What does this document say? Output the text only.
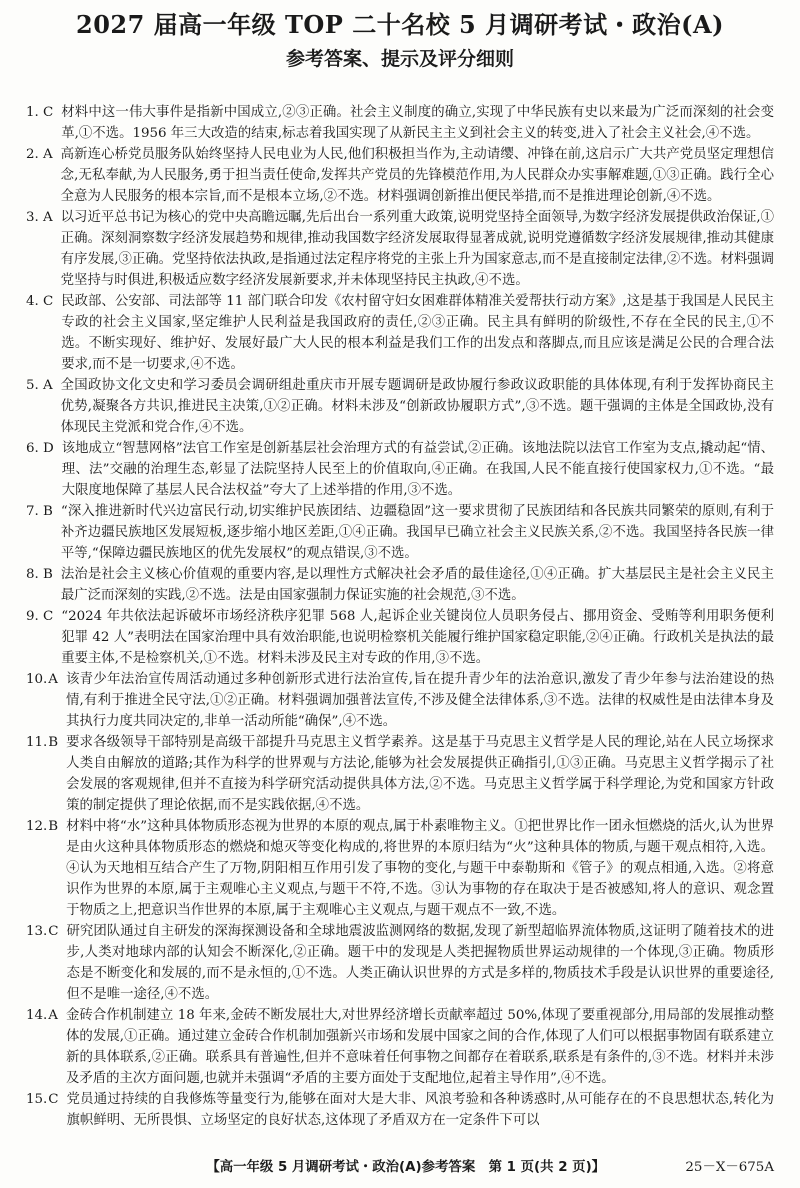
2027 届高一年级 TOP 二十名校 5 月调研考试・政治(A)
参考答案、提示及评分细则
1. C 材料中这一伟大事件是指新中国成立,②③正确。社会主义制度的确立,实现了中华民族有史以来最为广泛而深刻的社会变革,①不选。1956 年三大改造的结束,标志着我国实现了从新民主主义到社会主义的转变,进入了社会主义社会,④不选。
2. A 高新连心桥党员服务队始终坚持人民电业为人民,他们积极担当作为,主动请缨、冲锋在前,这启示广大共产党员坚定理想信念,无私奉献,为人民服务,勇于担当责任使命,发挥共产党员的先锋模范作用,为人民群众办实事解难题,①③正确。践行全心全意为人民服务的根本宗旨,而不是根本立场,②不选。材料强调创新推出便民举措,而不是推进理论创新,④不选。
3. A 以习近平总书记为核心的党中央高瞻远瞩,先后出台一系列重大政策,说明党坚持全面领导,为数字经济发展提供政治保证,①正确。深刻洞察数字经济发展趋势和规律,推动我国数字经济发展取得显著成就,说明党遵循数字经济发展规律,推动其健康有序发展,③正确。党坚持依法执政,是指通过法定程序将党的主张上升为国家意志,而不是直接制定法律,②不选。材料强调党坚持与时俱进,积极适应数字经济发展新要求,并未体现坚持民主执政,④不选。
4. C 民政部、公安部、司法部等 11 部门联合印发《农村留守妇女困难群体精准关爱帮扶行动方案》,这是基于我国是人民民主专政的社会主义国家,坚定维护人民利益是我国政府的责任,②③正确。民主具有鲜明的阶级性,不存在全民的民主,①不选。不断实现好、维护好、发展好最广大人民的根本利益是我们工作的出发点和落脚点,而且应该是满足公民的合理合法要求,而不是一切要求,④不选。
5. A 全国政协文化文史和学习委员会调研组赴重庆市开展专题调研是政协履行参政议政职能的具体体现,有利于发挥协商民主优势,凝聚各方共识,推进民主决策,①②正确。材料未涉及“创新政协履职方式”,③不选。题干强调的主体是全国政协,没有体现民主党派和党合作,④不选。
6. D 该地成立“智慧网格”法官工作室是创新基层社会治理方式的有益尝试,②正确。该地法院以法官工作室为支点,撬动起“情、理、法”交融的治理生态,彰显了法院坚持人民至上的价值取向,④正确。在我国,人民不能直接行使国家权力,①不选。“最大限度地保障了基层人民合法权益”夸大了上述举措的作用,③不选。
7. B “深入推进新时代兴边富民行动,切实维护民族团结、边疆稳固”这一要求贯彻了民族团结和各民族共同繁荣的原则,有利于补齐边疆民族地区发展短板,逐步缩小地区差距,①④正确。我国早已确立社会主义民族关系,②不选。我国坚持各民族一律平等,“保障边疆民族地区的优先发展权”的观点错误,③不选。
8. B 法治是社会主义核心价值观的重要内容,是以理性方式解决社会矛盾的最佳途径,①④正确。扩大基层民主是社会主义民主最广泛而深刻的实践,②不选。法是由国家强制力保证实施的社会规范,③不选。
9. C “2024 年共依法起诉破坏市场经济秩序犯罪 568 人,起诉企业关键岗位人员职务侵占、挪用资金、受贿等利用职务便利犯罪 42 人”表明法在国家治理中具有效治职能,也说明检察机关能履行维护国家稳定职能,②④正确。行政机关是执法的最重要主体,不是检察机关,①不选。材料未涉及民主对专政的作用,③不选。
10.A 该青少年法治宣传周活动通过多种创新形式进行法治宣传,旨在提升青少年的法治意识,激发了青少年参与法治建设的热情,有利于推进全民守法,①②正确。材料强调加强普法宣传,不涉及健全法律体系,③不选。法律的权威性是由法律本身及其执行力度共同决定的,非单一活动所能“确保”,④不选。
11.B 要求各级领导干部特别是高级干部提升马克思主义哲学素养。这是基于马克思主义哲学是人民的理论,站在人民立场探求人类自由解放的道路;其作为科学的世界观与方法论,能够为社会发展提供正确指引,①③正确。马克思主义哲学揭示了社会发展的客观规律,但并不直接为科学研究活动提供具体方法,②不选。马克思主义哲学属于科学理论,为党和国家方针政策的制定提供了理论依据,而不是实践依据,④不选。
12.B 材料中将“水”这种具体物质形态视为世界的本原的观点,属于朴素唯物主义。①把世界比作一团永恒燃烧的活火,认为世界是由火这种具体物质形态的燃烧和熄灭等变化构成的,将世界的本原归结为“火”这种具体的物质,与题干观点相符,入选。④认为天地相互结合产生了万物,阴阳相互作用引发了事物的变化,与题干中泰勒斯和《管子》的观点相通,入选。②将意识作为世界的本原,属于主观唯心主义观点,与题干不符,不选。③认为事物的存在取决于是否被感知,将人的意识、观念置于物质之上,把意识当作世界的本原,属于主观唯心主义观点,与题干观点不一致,不选。
13.C 研究团队通过自主研发的深海探测设备和全球地震波监测网络的数据,发现了新型超临界流体物质,这证明了随着技术的进步,人类对地球内部的认知会不断深化,②正确。题干中的发现是人类把握物质世界运动规律的一个体现,③正确。物质形态是不断变化和发展的,而不是永恒的,①不选。人类正确认识世界的方式是多样的,物质技术手段是认识世界的重要途径,但不是唯一途径,④不选。
14.A 金砖合作机制建立 18 年来,金砖不断发展壮大,对世界经济增长贡献率超过 50%,体现了要重视部分,用局部的发展推动整体的发展,①正确。通过建立金砖合作机制加强新兴市场和发展中国家之间的合作,体现了人们可以根据事物固有联系建立新的具体联系,②正确。联系具有普遍性,但并不意味着任何事物之间都存在着联系,联系是有条件的,③不选。材料并未涉及矛盾的主次方面问题,也就并未强调“矛盾的主要方面处于支配地位,起着主导作用”,④不选。
15.C 党员通过持续的自我修炼等量变行为,能够在面对大是大非、风浪考验和各种诱惑时,从可能存在的不良思想状态,转化为旗帜鲜明、无所畏惧、立场坚定的良好状态,这体现了矛盾双方在一定条件下可以
【高一年级 5 月调研考试・政治(A)参考答案　第 1 页(共 2 页)】	25－X－675A
